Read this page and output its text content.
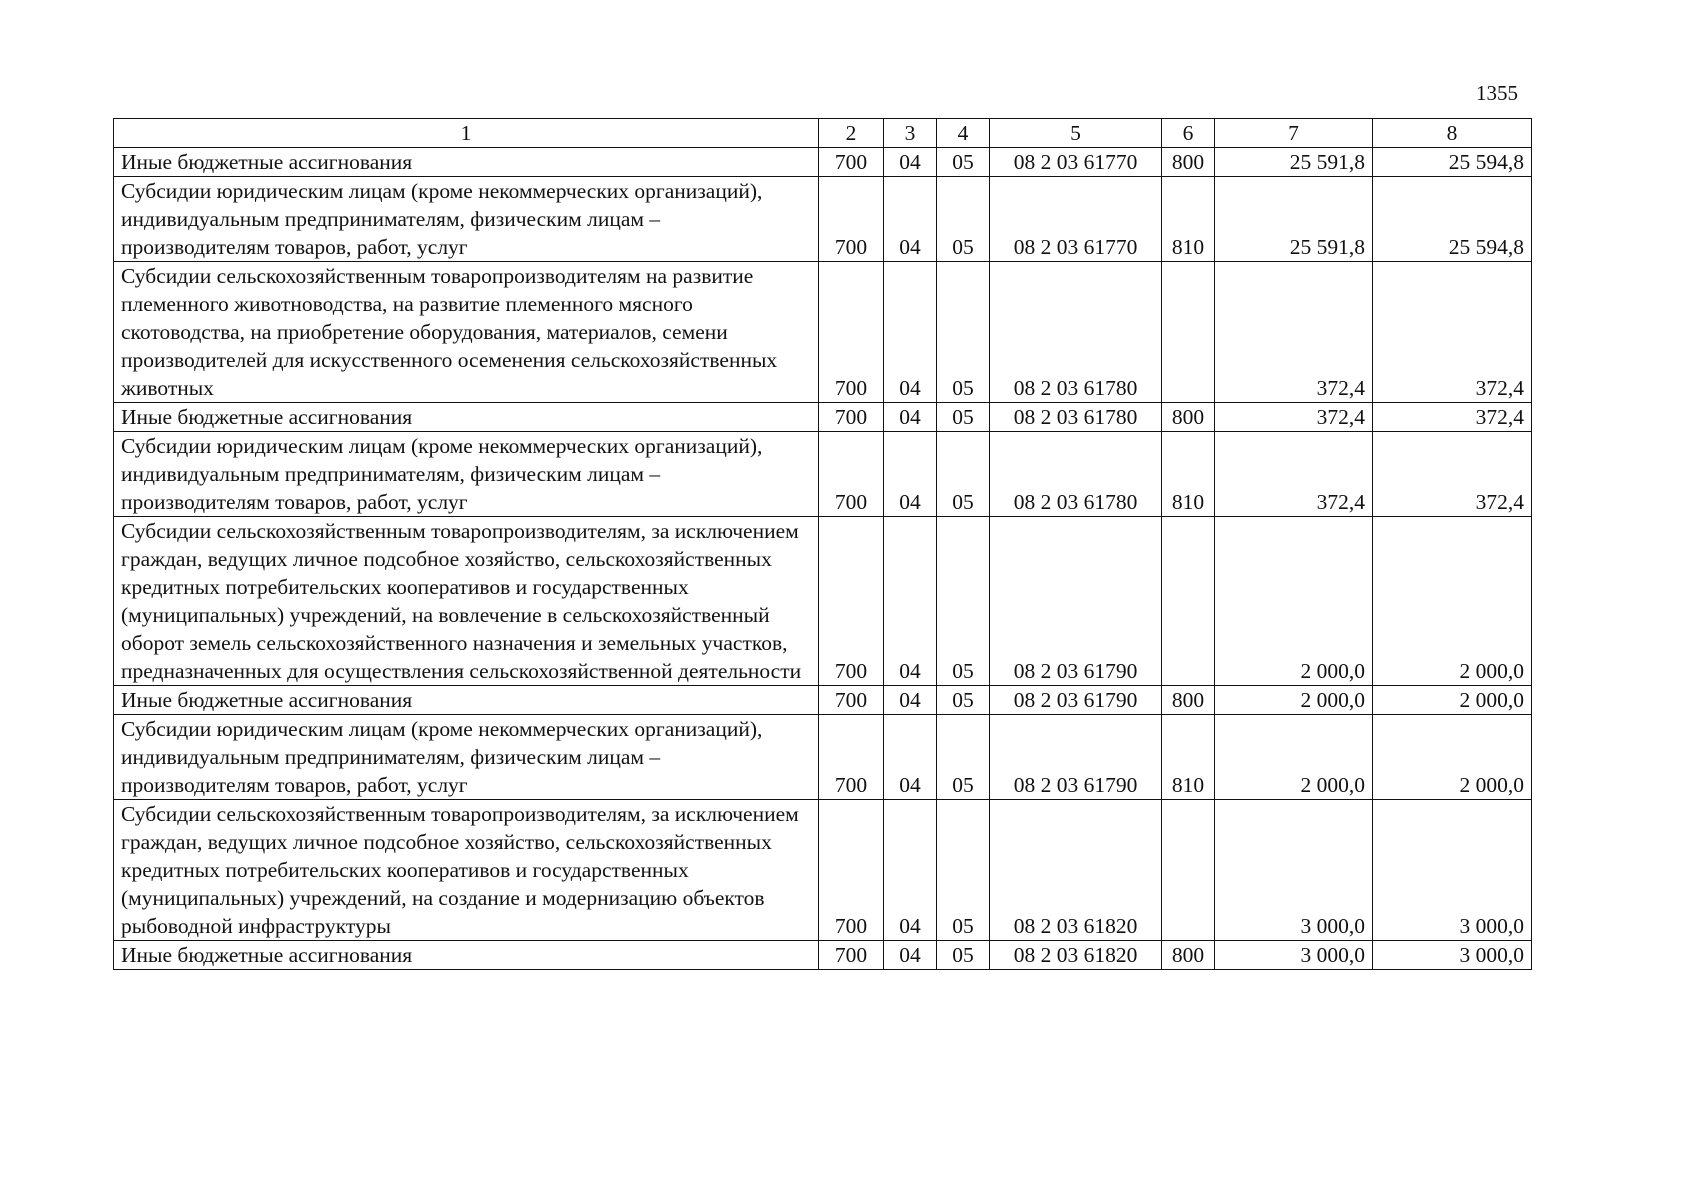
1355
1	2	3	4	5	6	7	8
Иные бюджетные ассигнования	700	04	05	08 2 03 61770	800	25 591,8	25 594,8
Субсидии юридическим лицам (кроме некоммерческих организаций), индивидуальным предпринимателям, физическим лицам – производителям товаров, работ, услуг	700	04	05	08 2 03 61770	810	25 591,8	25 594,8
Субсидии сельскохозяйственным товаропроизводителям на развитие племенного животноводства, на развитие племенного мясного скотоводства, на приобретение оборудования, материалов, семени производителей для искусственного осеменения сельскохозяйственных животных	700	04	05	08 2 03 61780		372,4	372,4
Иные бюджетные ассигнования	700	04	05	08 2 03 61780	800	372,4	372,4
Субсидии юридическим лицам (кроме некоммерческих организаций), индивидуальным предпринимателям, физическим лицам – производителям товаров, работ, услуг	700	04	05	08 2 03 61780	810	372,4	372,4
Субсидии сельскохозяйственным товаропроизводителям, за исключением граждан, ведущих личное подсобное хозяйство, сельскохозяйственных кредитных потребительских кооперативов и государственных (муниципальных) учреждений, на вовлечение в сельскохозяйственный оборот земель сельскохозяйственного назначения и земельных участков, предназначенных для осуществления сельскохозяйственной деятельности	700	04	05	08 2 03 61790		2 000,0	2 000,0
Иные бюджетные ассигнования	700	04	05	08 2 03 61790	800	2 000,0	2 000,0
Субсидии юридическим лицам (кроме некоммерческих организаций), индивидуальным предпринимателям, физическим лицам – производителям товаров, работ, услуг	700	04	05	08 2 03 61790	810	2 000,0	2 000,0
Субсидии сельскохозяйственным товаропроизводителям, за исключением граждан, ведущих личное подсобное хозяйство, сельскохозяйственных кредитных потребительских кооперативов и государственных (муниципальных) учреждений, на создание и модернизацию объектов рыбоводной инфраструктуры	700	04	05	08 2 03 61820		3 000,0	3 000,0
Иные бюджетные ассигнования	700	04	05	08 2 03 61820	800	3 000,0	3 000,0
